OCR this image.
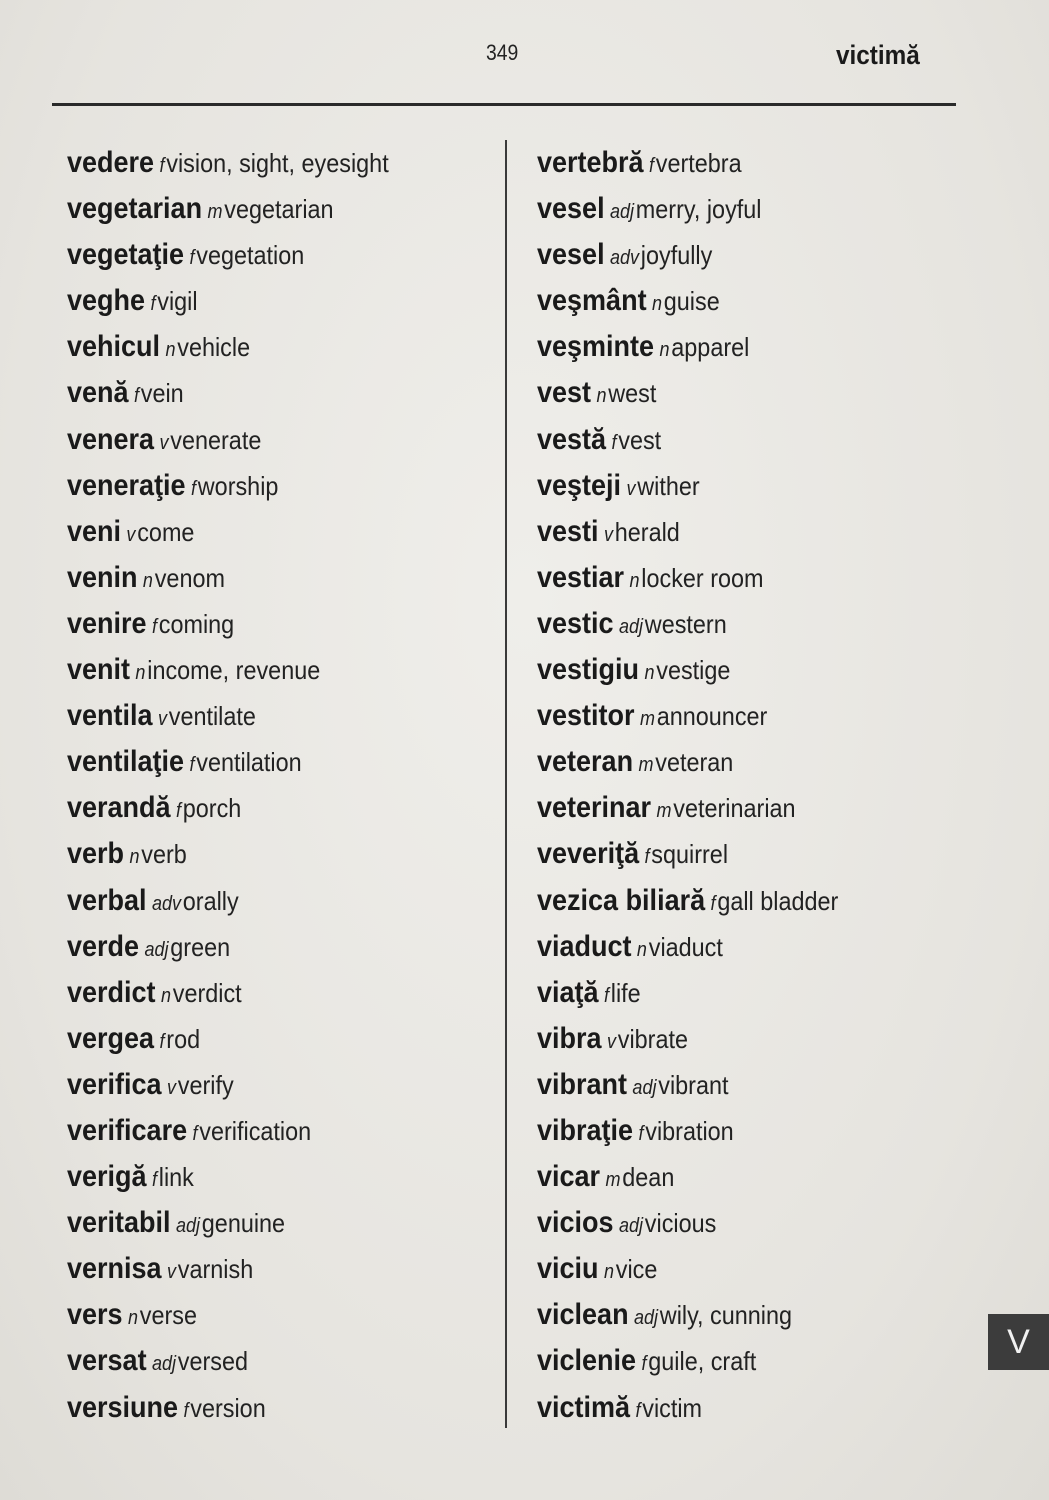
349	victimă
vedere fvision, sight, eyesight
vegetarian mvegetarian
vegetaţie fvegetation
veghe fvigil
vehicul nvehicle
venă fvein
venera vvenerate
veneraţie fworship
veni vcome
venin nvenom
venire fcoming
venit nincome, revenue
ventila vventilate
ventilaţie fventilation
verandă fporch
verb nverb
verbal advorally
verde adjgreen
verdict nverdict
vergea frod
verifica vverify
verificare fverification
verigă flink
veritabil adjgenuine
vernisa vvarnish
vers nverse
versat adjversed
versiune fversion
vertebră fvertebra
vesel adjmerry, joyful
vesel advjoyfully
veşmânt nguise
veşminte napparel
vest nwest
vestă fvest
veşteji vwither
vesti vherald
vestiar nlocker room
vestic adjwestern
vestigiu nvestige
vestitor mannouncer
veteran mveteran
veterinar mveterinarian
veveriţă fsquirrel
vezica biliară fgall bladder
viaduct nviaduct
viaţă flife
vibra vvibrate
vibrant adjvibrant
vibraţie fvibration
vicar mdean
vicios adjvicious
viciu nvice
viclean adjwily, cunning
viclenie fguile, craft
victimă fvictim
V
